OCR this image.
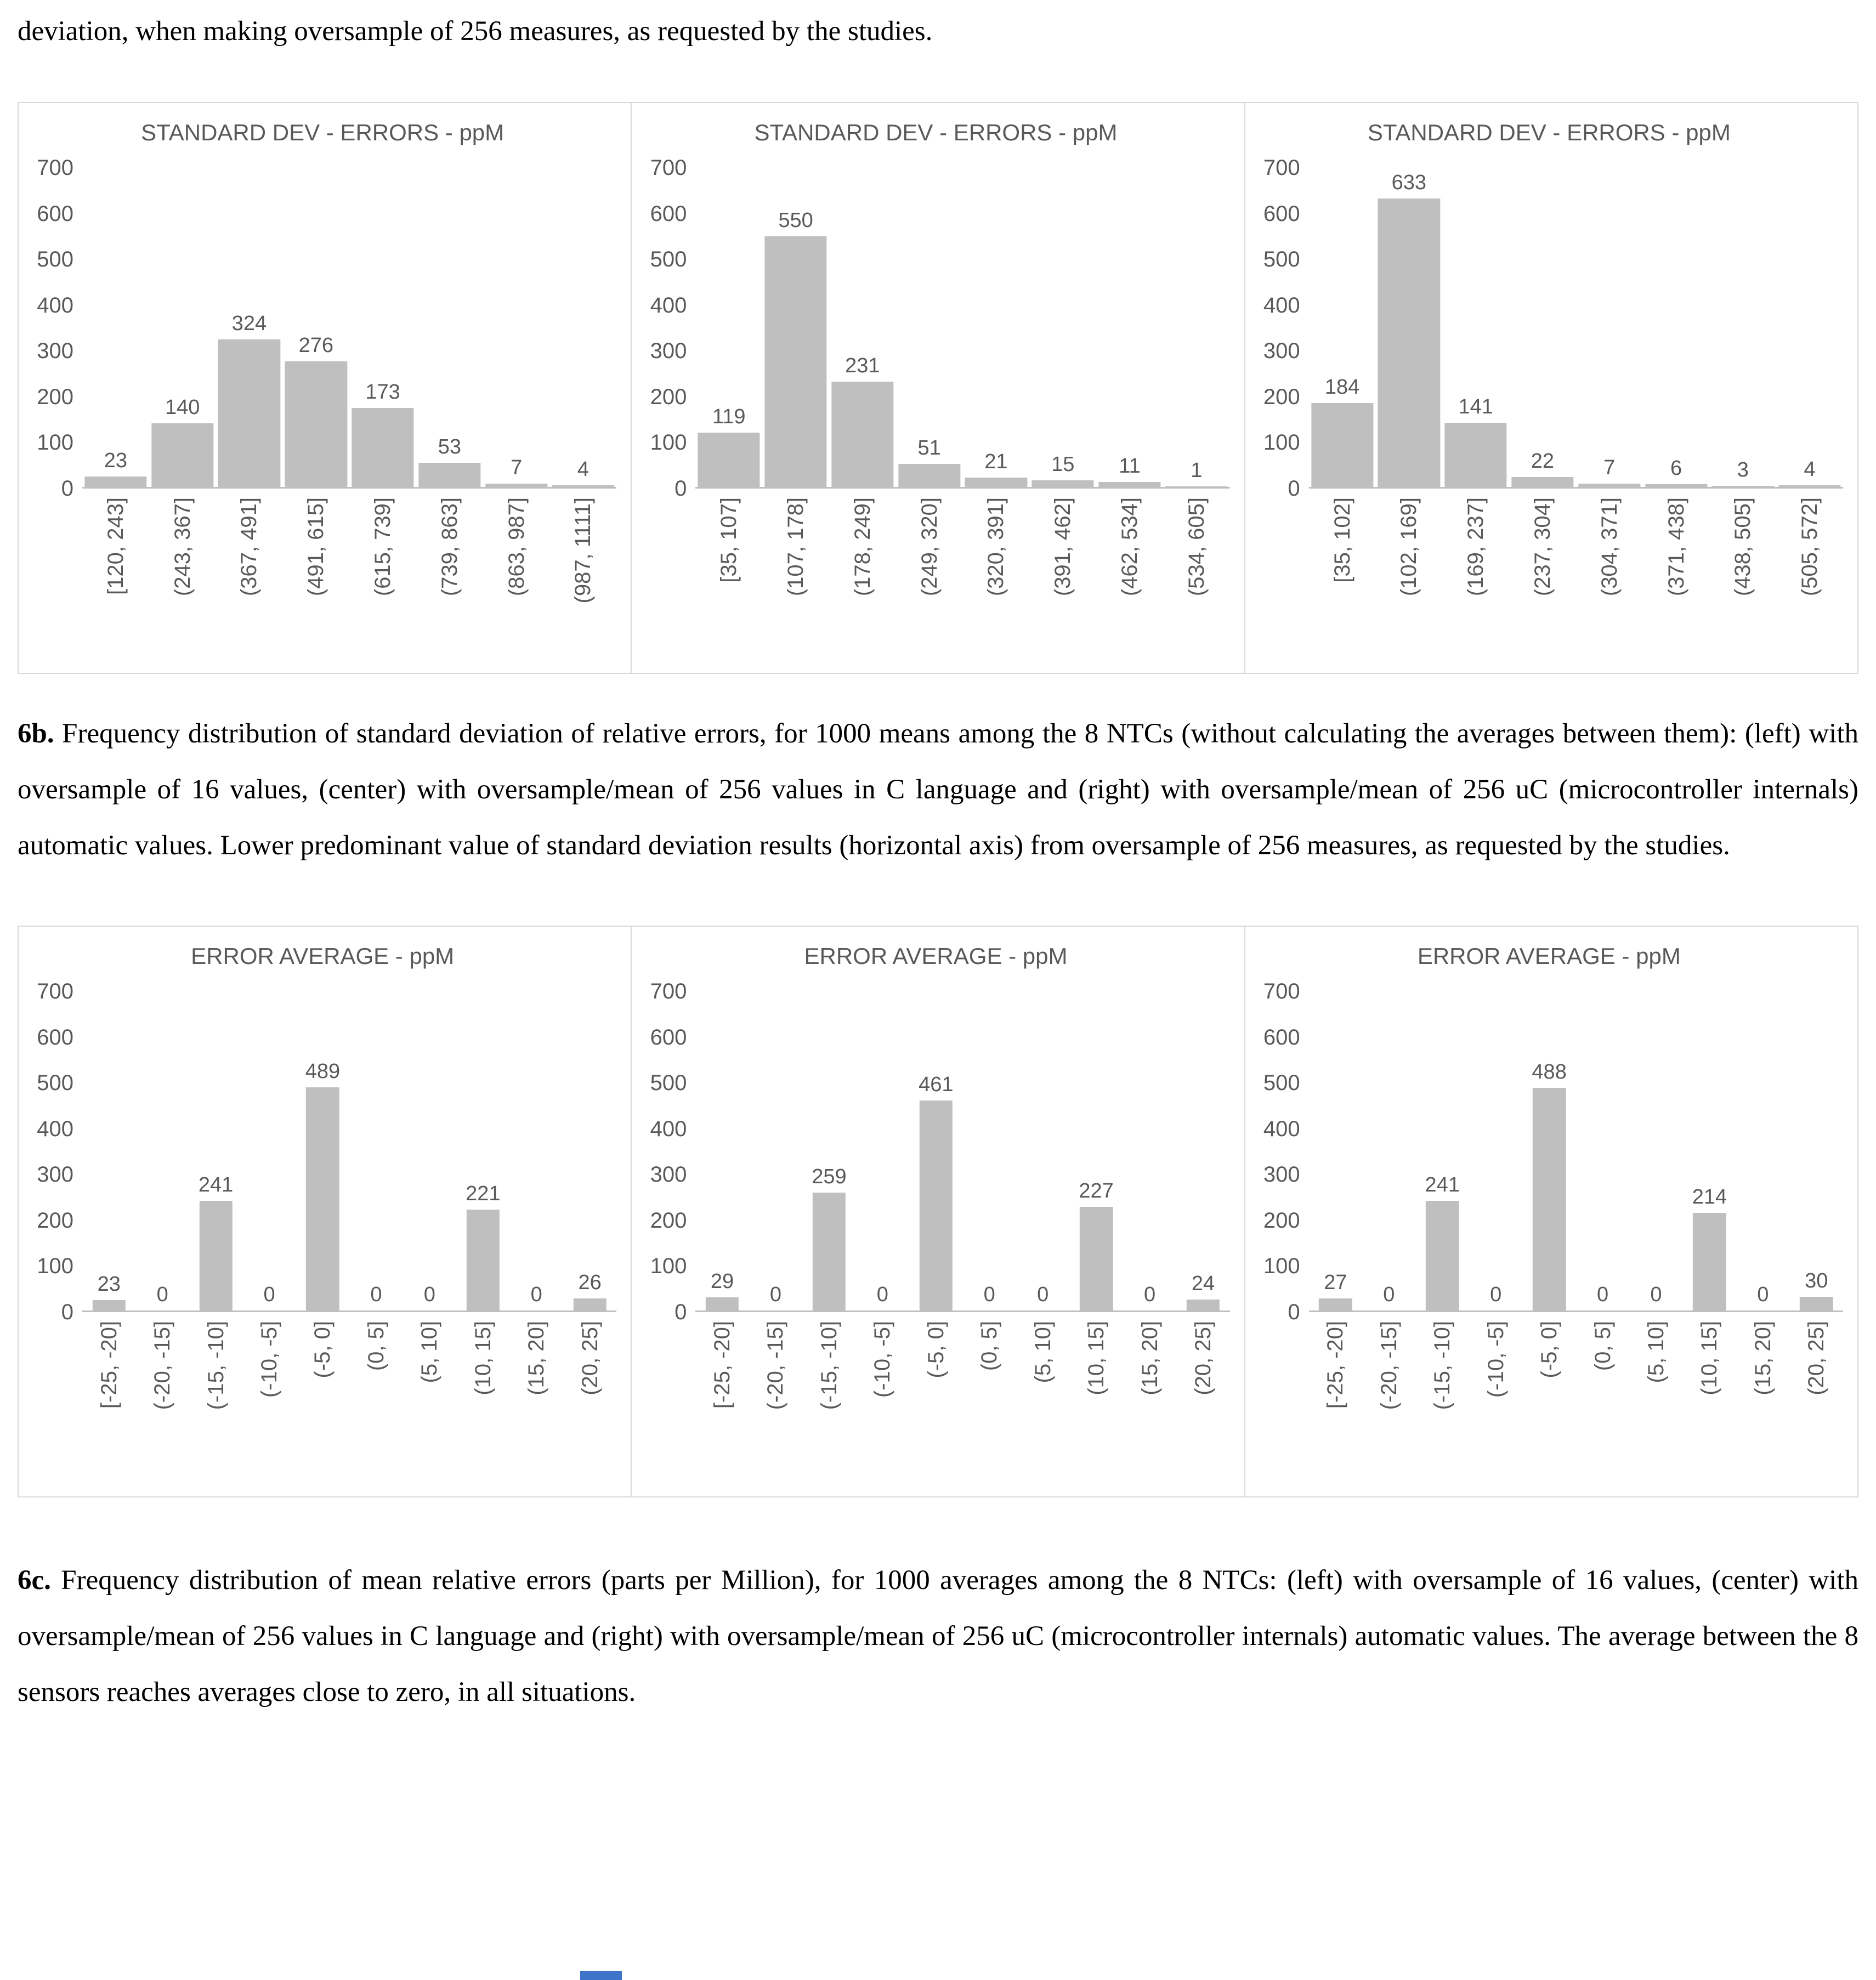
deviation, when making oversample of 256 measures, as requested by the studies.

STANDARD DEV - ERRORS - ppM
0
100
200
300
400
500
600
700
23
140
324
276
173
53
7	4
[120, 243] (243, 367] (367, 491] (491, 615] (615, 739] (739, 863] (863, 987] (987, 1111]
STANDARD DEV - ERRORS - ppM
0
100
200
300
400
500
600
700
119
550
231
51
21 15 11 1
[35, 107] (107, 178] (178, 249] (249, 320] (320, 391] (391, 462] (462, 534] (534, 605]
STANDARD DEV - ERRORS - ppM
0
100
200
300
400
500
600
700
184
633
141
22 7	6	3	4
[35, 102] (102, 169] (169, 237] (237, 304] (304, 371] (371, 438] (438, 505] (505, 572]

6b. Frequency distribution of standard deviation of relative errors, for 1000 means among the 8 NTCs (without calculating the averages between them): (left) with oversample of 16 values, (center) with oversample/mean of 256 values in C language and (right) with oversample/mean of 256 uC (microcontroller internals) automatic values. Lower predominant value of standard deviation results (horizontal axis) from oversample of 256 measures, as requested by the studies.

ERROR AVERAGE - ppM
0
100
200
300
400
500
600
700
23 0
241
0
489
0 0
221
0
26
[-25, -20] (-20, -15] (-15, -10] (-10, -5] (-5, 0] (0, 5] (5, 10] (10, 15] (15, 20] (20, 25]
ERROR AVERAGE - ppM
0
100
200
300
400
500
600
700
29
0
259
0
461
0 0
227
0 24
[-25, -20] (-20, -15] (-15, -10] (-10, -5] (-5, 0] (0, 5] (5, 10] (10, 15] (15, 20] (20, 25]
ERROR AVERAGE - ppM
0
100
200
300
400
500
600
700
27
0
241
0
488
0 0
214
0
30
[-25, -20] (-20, -15] (-15, -10] (-10, -5] (-5, 0] (0, 5] (5, 10] (10, 15] (15, 20] (20, 25]

6c. Frequency distribution of mean relative errors (parts per Million), for 1000 averages among the 8 NTCs: (left) with oversample of 16 values, (center) with oversample/mean of 256 values in C language and (right) with oversample/mean of 256 uC (microcontroller internals) automatic values. The average between the 8 sensors reaches averages close to zero, in all situations.
